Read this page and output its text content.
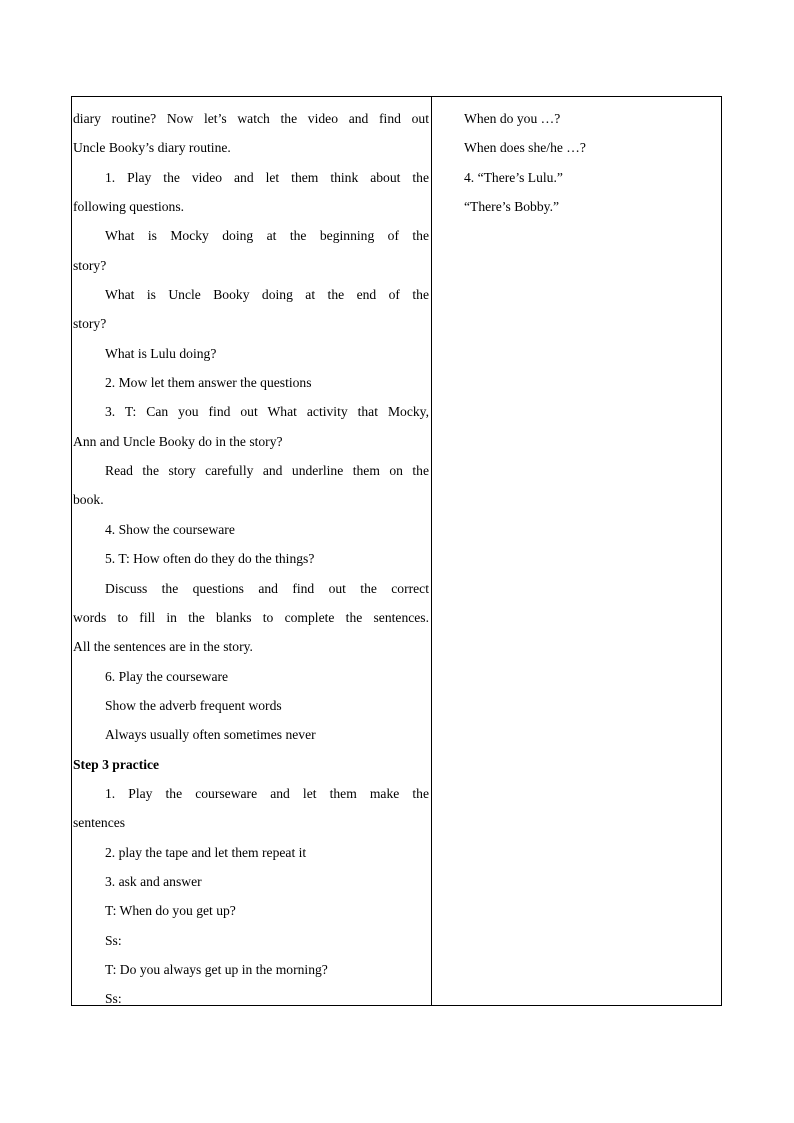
diary routine? Now let’s watch the video and find out

Uncle Booky’s diary routine.

1. Play the video and let them think about the

following questions.

What is Mocky doing at the beginning of the

story?

What is Uncle Booky doing at the end of the

story?

What is Lulu doing?

2. Mow let them answer the questions

3. T: Can you find out What activity that Mocky,

Ann and Uncle Booky do in the story?

Read the story carefully and underline them on the

book.

4. Show the courseware

5. T: How often do they do the things?

Discuss the questions and find out the correct

words to fill in the blanks to complete the sentences.

All the sentences are in the story.

6. Play the courseware

Show the adverb frequent words

Always usually often sometimes never

Step 3 practice

1. Play the courseware and let them make the

sentences

2. play the tape and let them repeat it

3. ask and answer

T: When do you get up?

Ss:

T: Do you always get up in the morning?

Ss:

When do you …?

When does she/he …?

4. “There’s Lulu.”

“There’s Bobby.”
